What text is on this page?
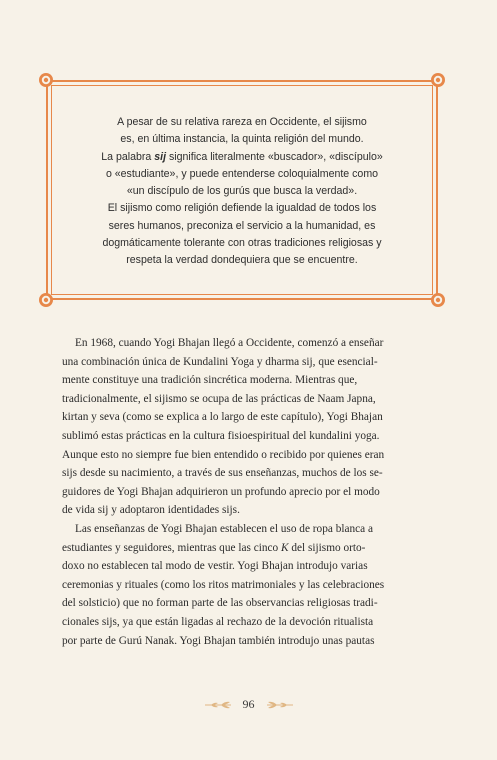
A pesar de su relativa rareza en Occidente, el sijismo
es, en última instancia, la quinta religión del mundo.
La palabra sij significa literalmente «buscador», «discípulo»
o «estudiante», y puede entenderse coloquialmente como
«un discípulo de los gurús que busca la verdad».
El sijismo como religión defiende la igualdad de todos los
seres humanos, preconiza el servicio a la humanidad, es
dogmáticamente tolerante con otras tradiciones religiosas y
respeta la verdad dondequiera que se encuentre.
En 1968, cuando Yogi Bhajan llegó a Occidente, comenzó a enseñar
una combinación única de Kundalini Yoga y dharma sij, que esencial-
mente constituye una tradición sincrética moderna. Mientras que,
tradicionalmente, el sijismo se ocupa de las prácticas de Naam Japna,
kirtan y seva (como se explica a lo largo de este capítulo), Yogi Bhajan
sublimó estas prácticas en la cultura fisioespiritual del kundalini yoga.
Aunque esto no siempre fue bien entendido o recibido por quienes eran
sijs desde su nacimiento, a través de sus enseñanzas, muchos de los se-
guidores de Yogi Bhajan adquirieron un profundo aprecio por el modo
de vida sij y adoptaron identidades sijs.
Las enseñanzas de Yogi Bhajan establecen el uso de ropa blanca a
estudiantes y seguidores, mientras que las cinco K del sijismo orto-
doxo no establecen tal modo de vestir. Yogi Bhajan introdujo varias
ceremonias y rituales (como los ritos matrimoniales y las celebraciones
del solsticio) que no forman parte de las observancias religiosas tradi-
cionales sijs, ya que están ligadas al rechazo de la devoción ritualista
por parte de Gurú Nanak. Yogi Bhajan también introdujo unas pautas
96
